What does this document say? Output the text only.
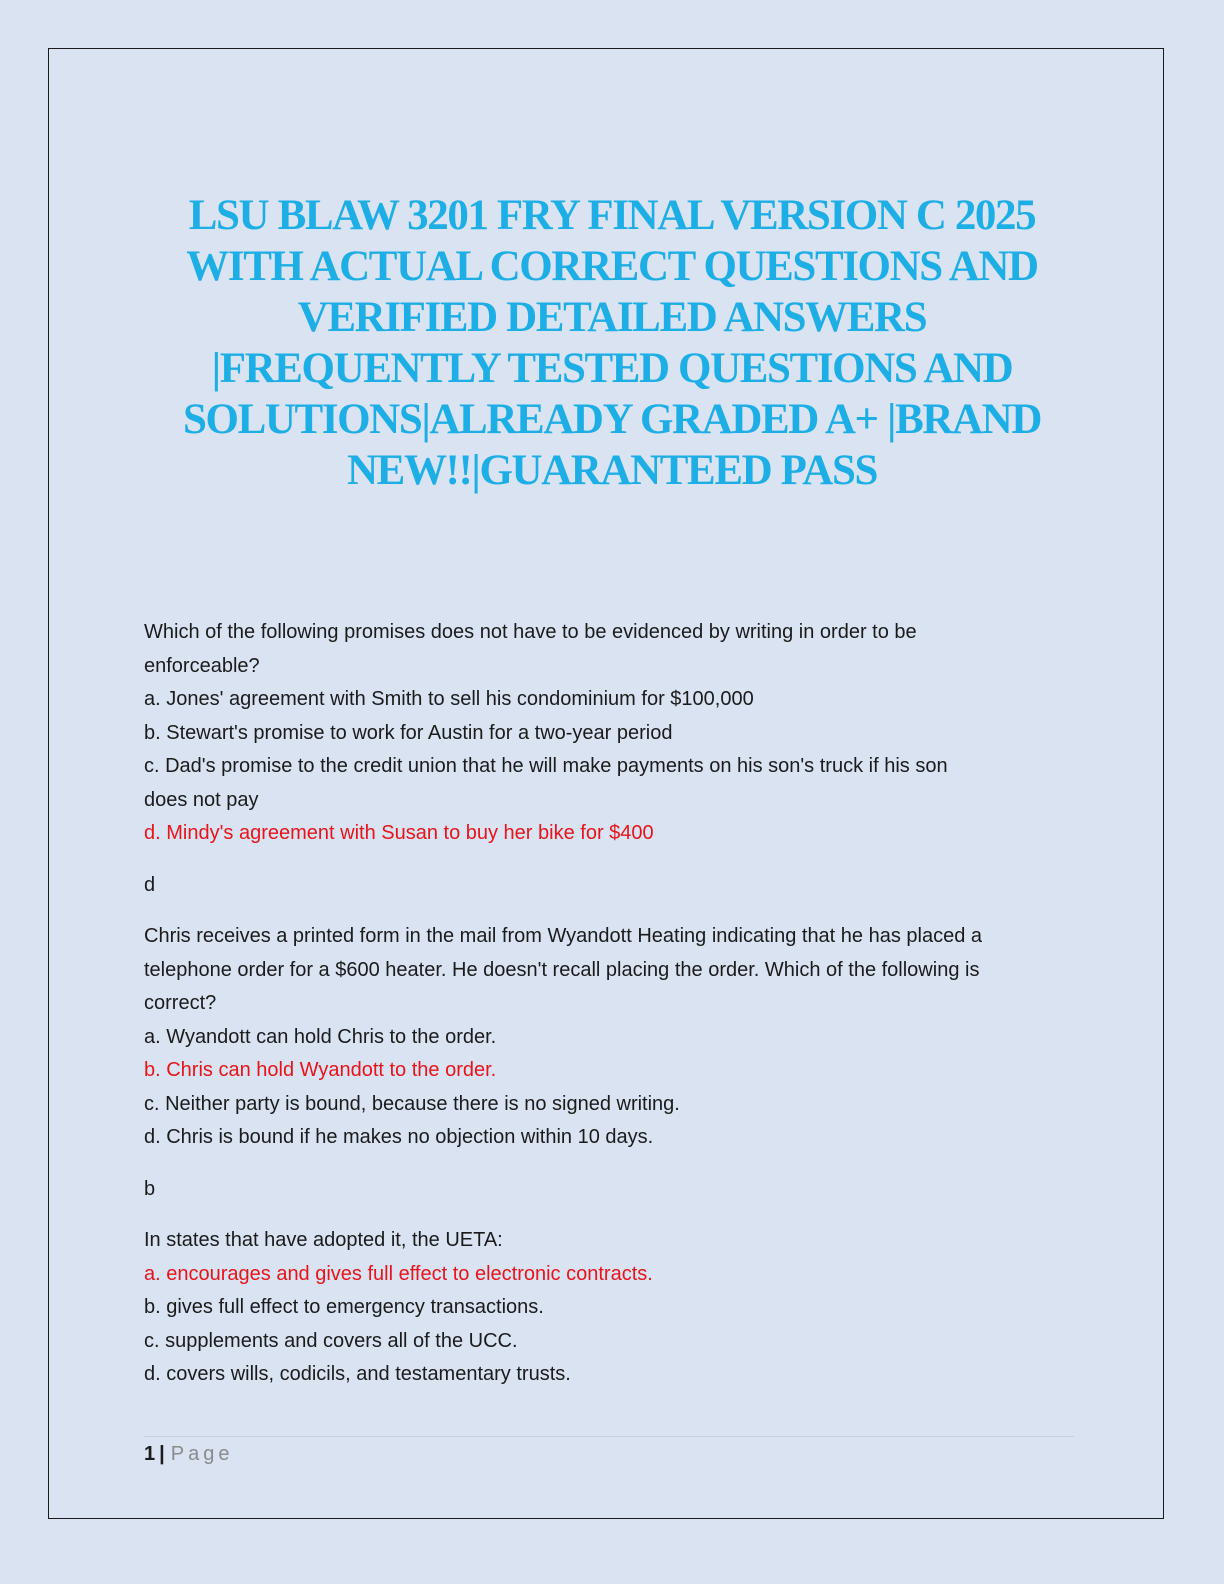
LSU BLAW 3201 FRY FINAL VERSION C 2025
WITH ACTUAL CORRECT QUESTIONS AND
VERIFIED DETAILED ANSWERS
|FREQUENTLY TESTED QUESTIONS AND
SOLUTIONS|ALREADY GRADED A+ |BRAND
NEW!!|GUARANTEED PASS
Which of the following promises does not have to be evidenced by writing in order to be
enforceable?
a. Jones' agreement with Smith to sell his condominium for $100,000
b. Stewart's promise to work for Austin for a two-year period
c. Dad's promise to the credit union that he will make payments on his son's truck if his son
does not pay
d. Mindy's agreement with Susan to buy her bike for $400
d
Chris receives a printed form in the mail from Wyandott Heating indicating that he has placed a
telephone order for a $600 heater. He doesn't recall placing the order. Which of the following is
correct?
a. Wyandott can hold Chris to the order.
b. Chris can hold Wyandott to the order.
c. Neither party is bound, because there is no signed writing.
d. Chris is bound if he makes no objection within 10 days.
b
In states that have adopted it, the UETA:
a. encourages and gives full effect to electronic contracts.
b. gives full effect to emergency transactions.
c. supplements and covers all of the UCC.
d. covers wills, codicils, and testamentary trusts.
1 | Page
